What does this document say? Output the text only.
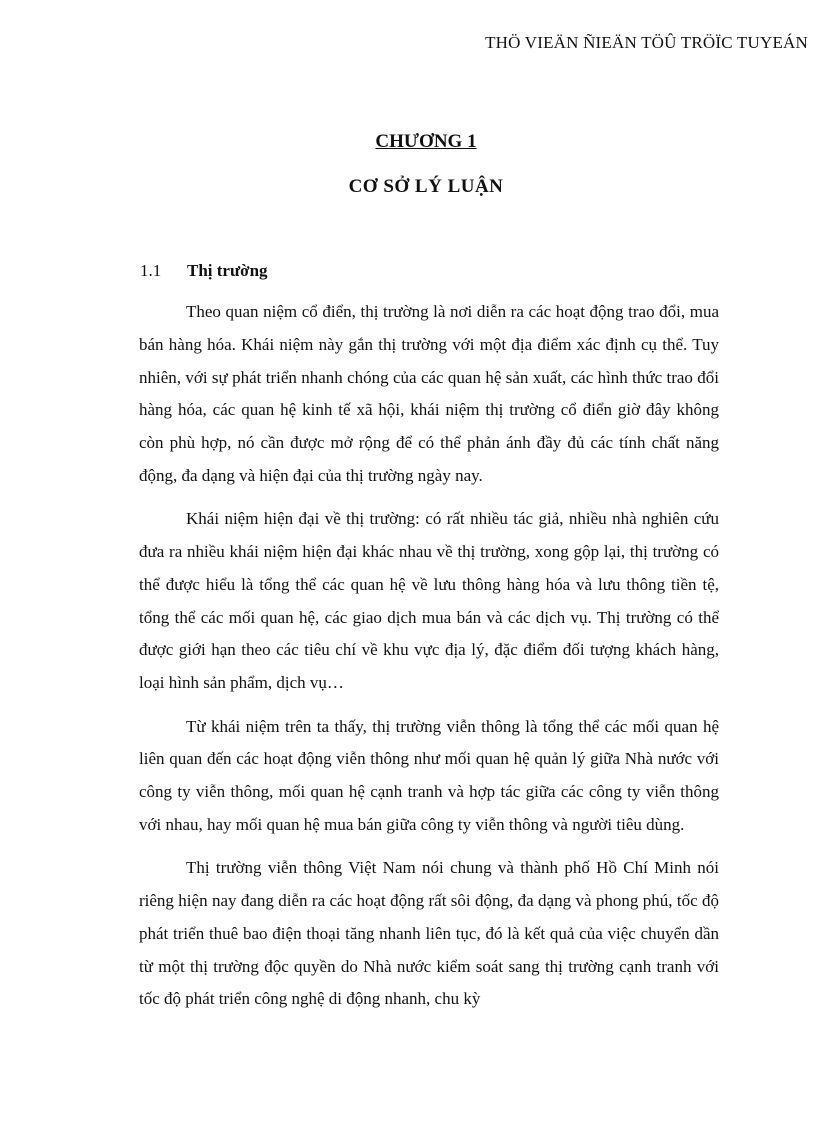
THÖ VIEÄN ÑIEÄN TÖÛ TRÖÏC TUYEÁN
CHƯƠNG 1
CƠ SỞ LÝ LUẬN
1.1 Thị trường

Theo quan niệm cổ điển, thị trường là nơi diễn ra các hoạt động trao đổi, mua bán hàng hóa. Khái niệm này gắn thị trường với một địa điểm xác định cụ thể. Tuy nhiên, với sự phát triển nhanh chóng của các quan hệ sản xuất, các hình thức trao đổi hàng hóa, các quan hệ kinh tế xã hội, khái niệm thị trường cổ điển giờ đây không còn phù hợp, nó cần được mở rộng để có thể phản ánh đầy đủ các tính chất năng động, đa dạng và hiện đại của thị trường ngày nay.

Khái niệm hiện đại về thị trường: có rất nhiều tác giả, nhiều nhà nghiên cứu đưa ra nhiều khái niệm hiện đại khác nhau về thị trường, xong gộp lại, thị trường có thể được hiểu là tổng thể các quan hệ về lưu thông hàng hóa và lưu thông tiền tệ, tổng thể các mối quan hệ, các giao dịch mua bán và các dịch vụ. Thị trường có thể được giới hạn theo các tiêu chí về khu vực địa lý, đặc điểm đối tượng khách hàng, loại hình sản phẩm, dịch vụ…

Từ khái niệm trên ta thấy, thị trường viễn thông là tổng thể các mối quan hệ liên quan đến các hoạt động viễn thông như mối quan hệ quản lý giữa Nhà nước với công ty viễn thông, mối quan hệ cạnh tranh và hợp tác giữa các công ty viễn thông với nhau, hay mối quan hệ mua bán giữa công ty viễn thông và người tiêu dùng.

Thị trường viễn thông Việt Nam nói chung và thành phố Hồ Chí Minh nói riêng hiện nay đang diễn ra các hoạt động rất sôi động, đa dạng và phong phú, tốc độ phát triển thuê bao điện thoại tăng nhanh liên tục, đó là kết quả của việc chuyển dần từ một thị trường độc quyền do Nhà nước kiểm soát sang thị trường cạnh tranh với tốc độ phát triển công nghệ di động nhanh, chu kỳ
